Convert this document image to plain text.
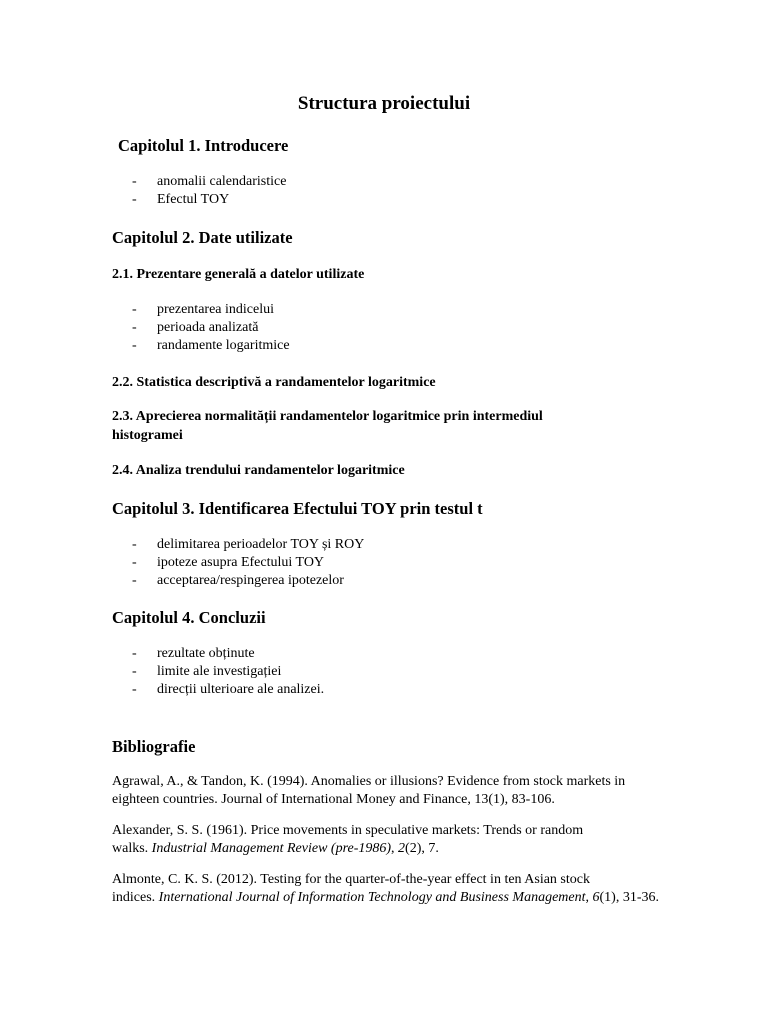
Structura proiectului
Capitolul 1. Introducere
- anomalii calendaristice
- Efectul TOY
Capitolul 2. Date utilizate
2.1. Prezentare generală a datelor utilizate
- prezentarea indicelui
- perioada analizată
- randamente logaritmice
2.2. Statistica descriptivă a randamentelor logaritmice
2.3. Aprecierea normalității randamentelor logaritmice prin intermediul histogramei
2.4. Analiza trendului randamentelor logaritmice
Capitolul 3. Identificarea Efectului TOY prin testul t
- delimitarea perioadelor TOY și ROY
- ipoteze asupra Efectului TOY
- acceptarea/respingerea ipotezelor
Capitolul 4. Concluzii
- rezultate obținute
- limite ale investigației
- direcții ulterioare ale analizei.
Bibliografie
Agrawal, A., & Tandon, K. (1994). Anomalies or illusions? Evidence from stock markets in
eighteen countries. Journal of International Money and Finance, 13(1), 83-106.
Alexander, S. S. (1961). Price movements in speculative markets: Trends or random
walks. Industrial Management Review (pre-1986), 2(2), 7.
Almonte, C. K. S. (2012). Testing for the quarter-of-the-year effect in ten Asian stock
indices. International Journal of Information Technology and Business Management, 6(1), 31-36.
